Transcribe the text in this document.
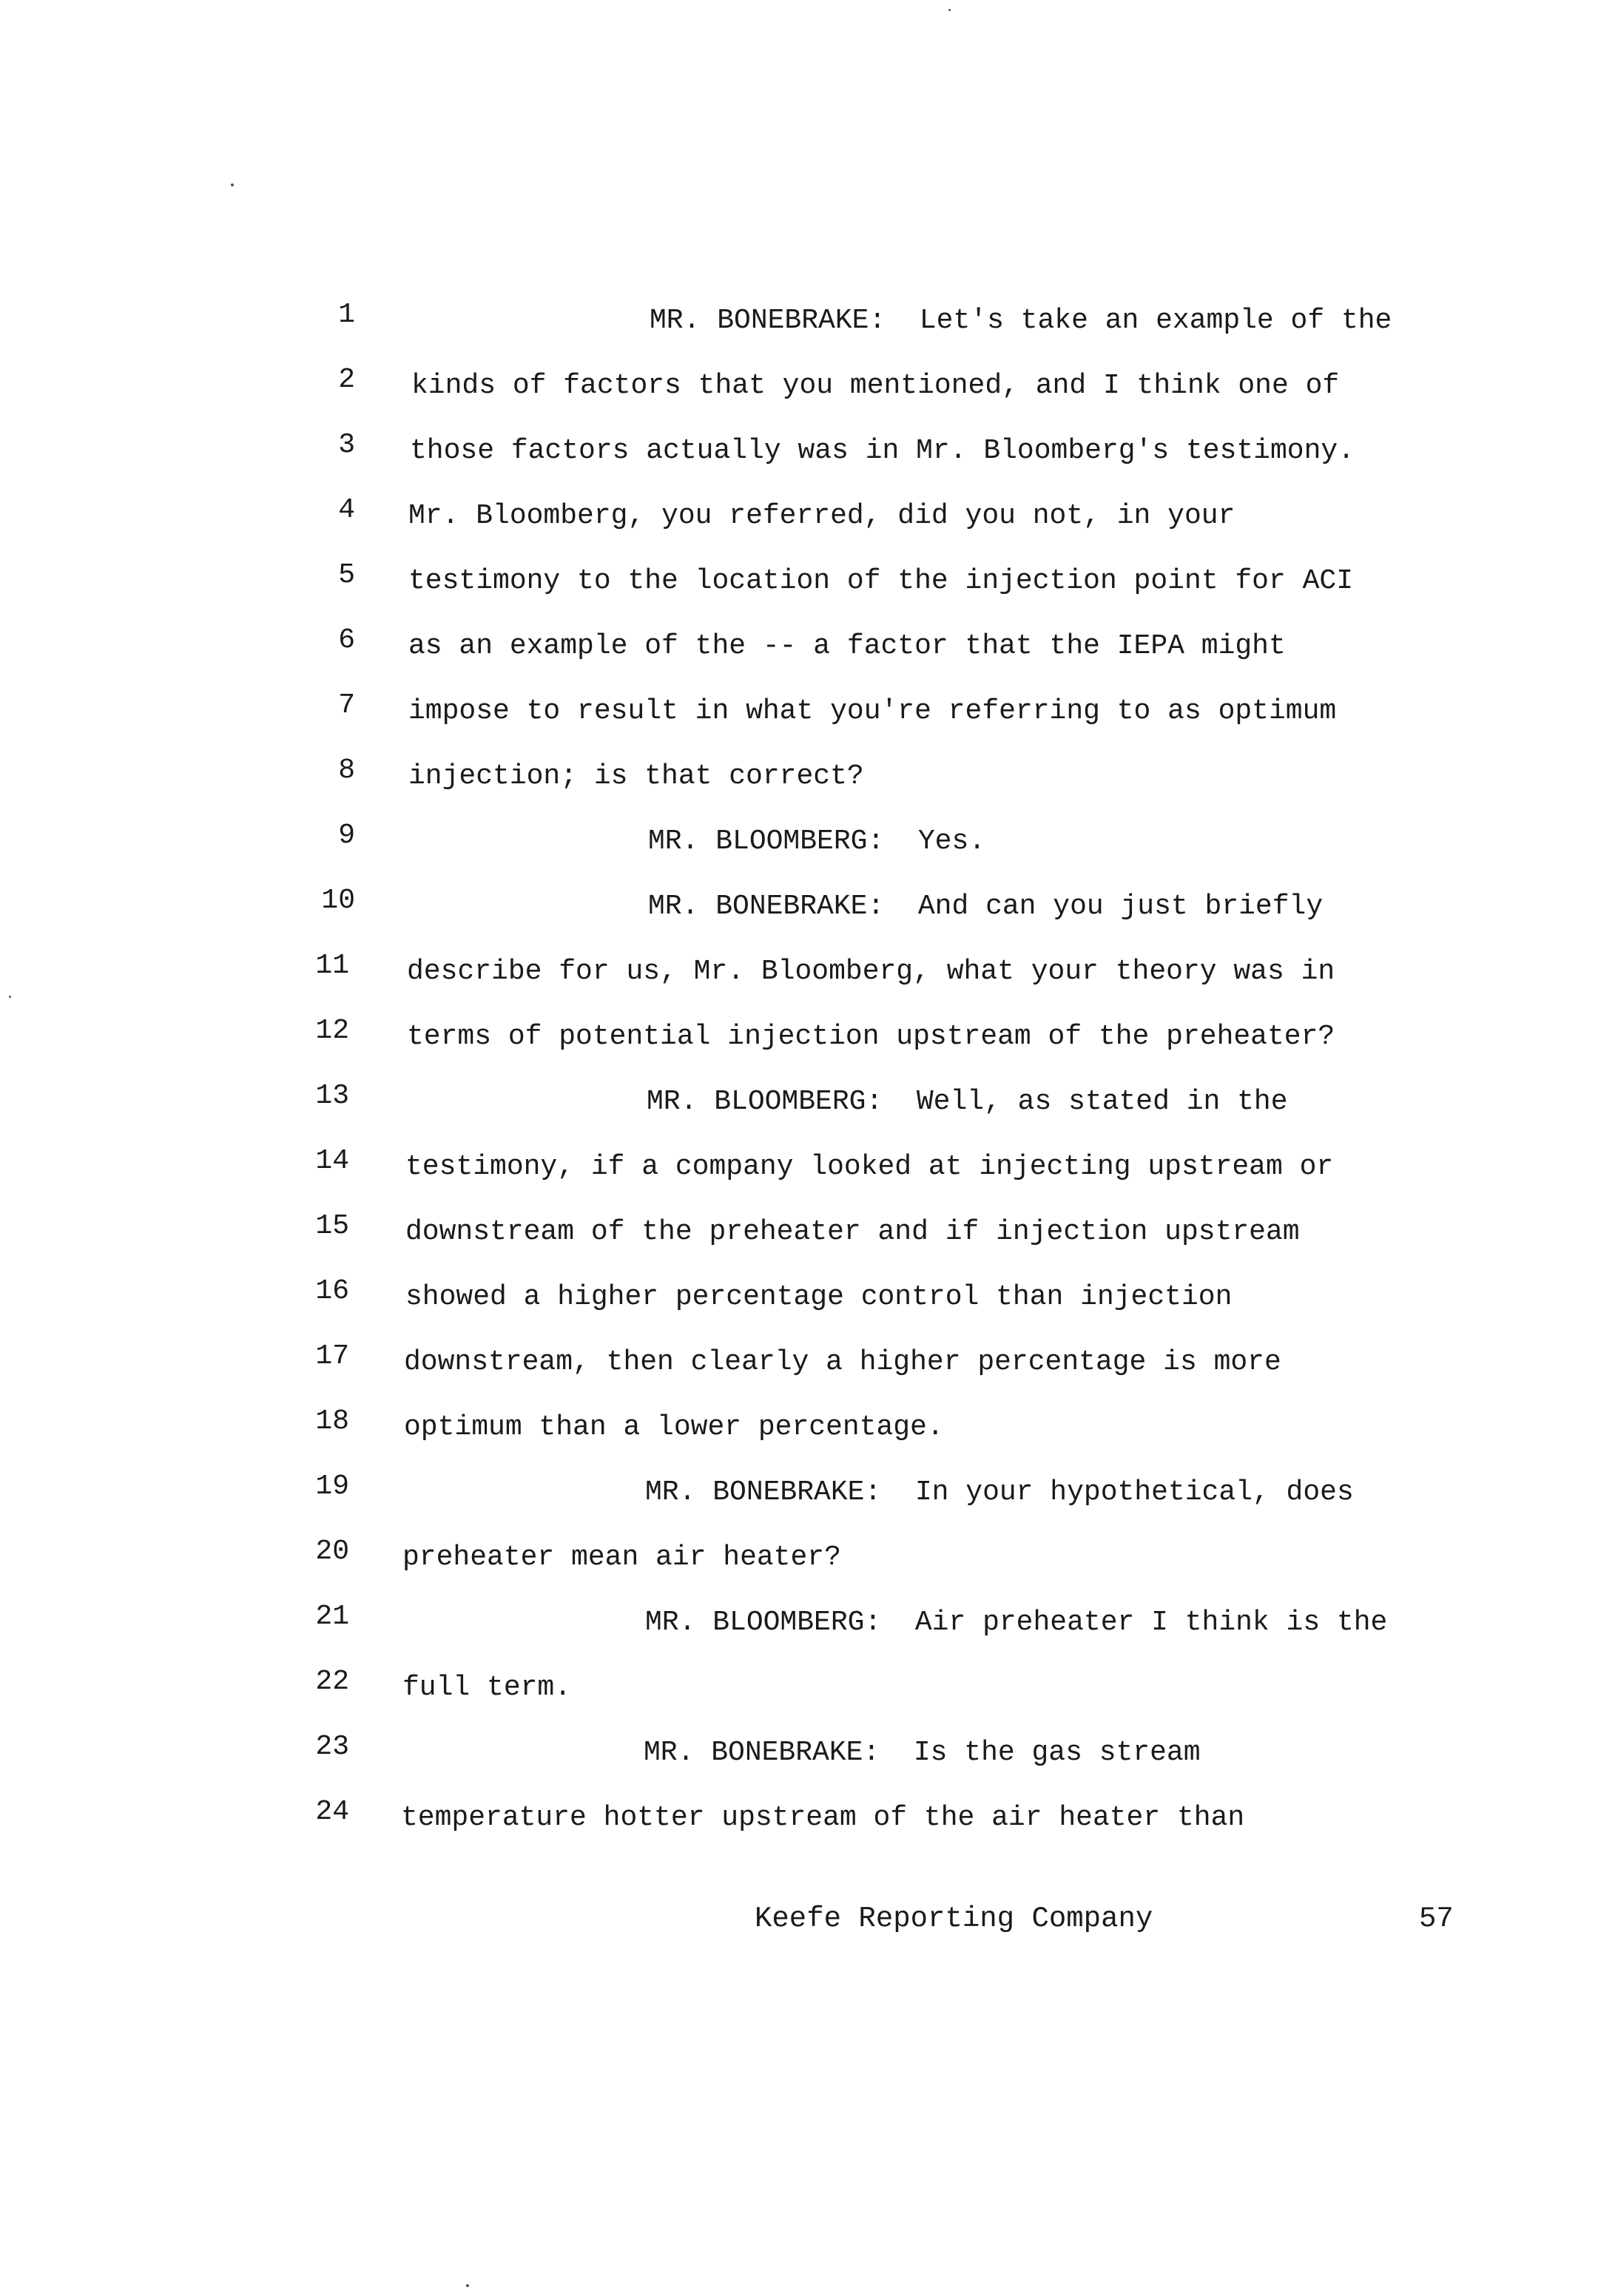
1
2
3
4
5
6
7
8
9
10
11
12
13
14
15
16
17
18
19
20
21
22
23
24
MR. BONEBRAKE:  Let's take an example of the
kinds of factors that you mentioned, and I think one of
those factors actually was in Mr. Bloomberg's testimony.
Mr. Bloomberg, you referred, did you not, in your
testimony to the location of the injection point for ACI
as an example of the -- a factor that the IEPA might
impose to result in what you're referring to as optimum
injection; is that correct?
MR. BLOOMBERG:  Yes.
MR. BONEBRAKE:  And can you just briefly
describe for us, Mr. Bloomberg, what your theory was in
terms of potential injection upstream of the preheater?
MR. BLOOMBERG:  Well, as stated in the
testimony, if a company looked at injecting upstream or
downstream of the preheater and if injection upstream
showed a higher percentage control than injection
downstream, then clearly a higher percentage is more
optimum than a lower percentage.
MR. BONEBRAKE:  In your hypothetical, does
preheater mean air heater?
MR. BLOOMBERG:  Air preheater I think is the
full term.
MR. BONEBRAKE:  Is the gas stream
temperature hotter upstream of the air heater than
Keefe Reporting Company	57
